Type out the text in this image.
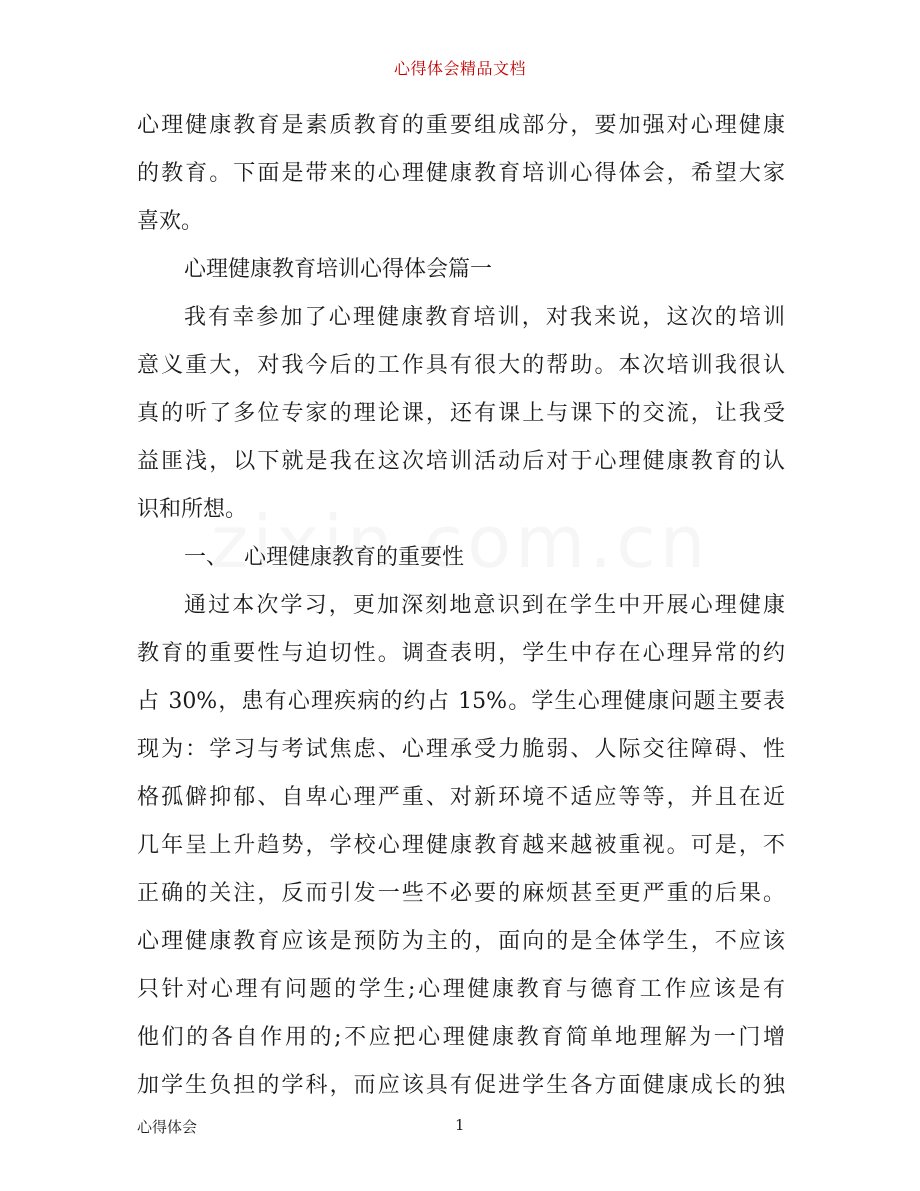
心得体会精品文档
心理健康教育是素质教育的重要组成部分，要加强对心理健康
的教育。下面是带来的心理健康教育培训心得体会，希望大家
喜欢。
心理健康教育培训心得体会篇一
我有幸参加了心理健康教育培训，对我来说，这次的培训
意义重大，对我今后的工作具有很大的帮助。本次培训我很认
真的听了多位专家的理论课，还有课上与课下的交流，让我受
益匪浅，以下就是我在这次培训活动后对于心理健康教育的认
识和所想。
一、 心理健康教育的重要性
通过本次学习，更加深刻地意识到在学生中开展心理健康
教育的重要性与迫切性。调查表明，学生中存在心理异常的约
占 30%，患有心理疾病的约占 15%。学生心理健康问题主要表
现为：学习与考试焦虑、心理承受力脆弱、人际交往障碍、性
格孤僻抑郁、自卑心理严重、对新环境不适应等等，并且在近
几年呈上升趋势，学校心理健康教育越来越被重视。可是，不
正确的关注，反而引发一些不必要的麻烦甚至更严重的后果。
心理健康教育应该是预防为主的，面向的是全体学生，不应该
只针对心理有问题的学生;心理健康教育与德育工作应该是有
他们的各自作用的;不应把心理健康教育简单地理解为一门增
加学生负担的学科，而应该具有促进学生各方面健康成长的独
心得体会	1
